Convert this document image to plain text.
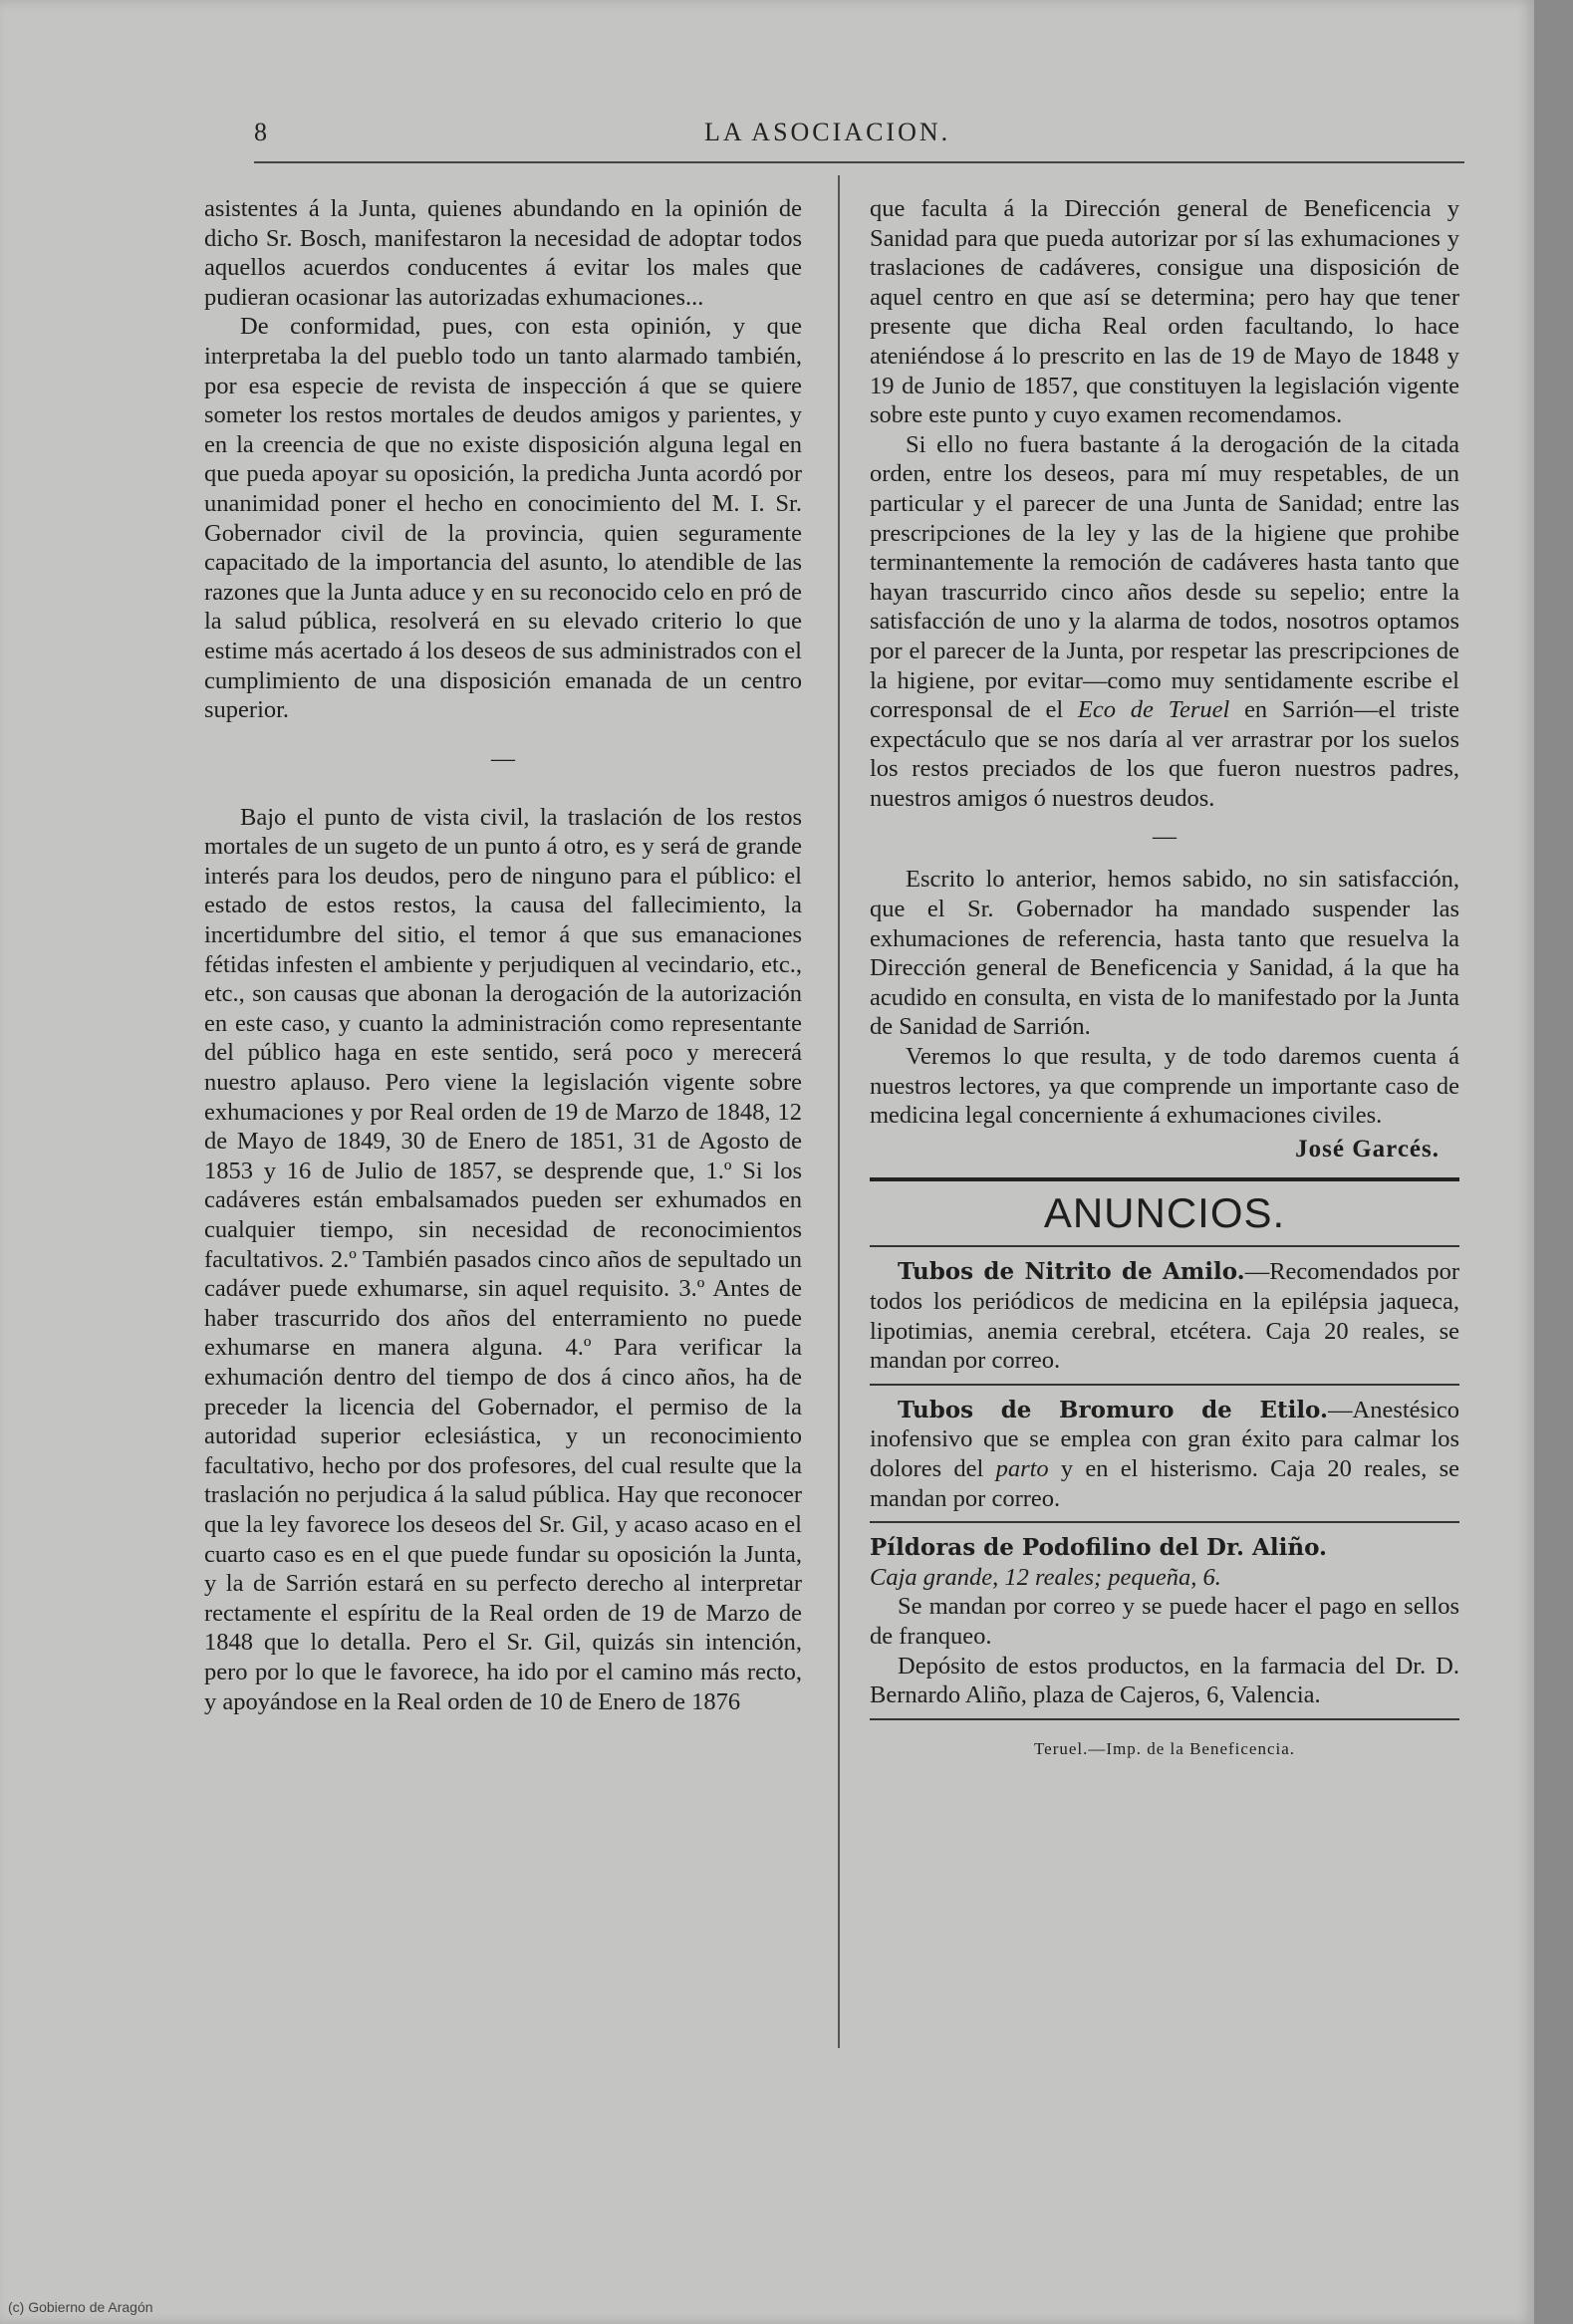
8	LA ASOCIACION.

asistentes á la Junta, quienes abundando en la opinión de dicho Sr. Bosch, manifestaron la necesidad de adoptar todos aquellos acuerdos conducentes á evitar los males que pudieran ocasionar las autorizadas exhumaciones...

De conformidad, pues, con esta opinión, y que interpretaba la del pueblo todo un tanto alarmado también, por esa especie de revista de inspección á que se quiere someter los restos mortales de deudos amigos y parientes, y en la creencia de que no existe disposición alguna legal en que pueda apoyar su oposición, la predicha Junta acordó por unanimidad poner el hecho en conocimiento del M. I. Sr. Gobernador civil de la provincia, quien seguramente capacitado de la importancia del asunto, lo atendible de las razones que la Junta aduce y en su reconocido celo en pró de la salud pública, resolverá en su elevado criterio lo que estime más acertado á los deseos de sus administrados con el cumplimiento de una disposición emanada de un centro superior.

—

Bajo el punto de vista civil, la traslación de los restos mortales de un sugeto de un punto á otro, es y será de grande interés para los deudos, pero de ninguno para el público: el estado de estos restos, la causa del fallecimiento, la incertidumbre del sitio, el temor á que sus emanaciones fétidas infesten el ambiente y perjudiquen al vecindario, etc., etc., son causas que abonan la derogación de la autorización en este caso, y cuanto la administración como representante del público haga en este sentido, será poco y merecerá nuestro aplauso. Pero viene la legislación vigente sobre exhumaciones y por Real orden de 19 de Marzo de 1848, 12 de Mayo de 1849, 30 de Enero de 1851, 31 de Agosto de 1853 y 16 de Julio de 1857, se desprende que, 1.º Si los cadáveres están embalsamados pueden ser exhumados en cualquier tiempo, sin necesidad de reconocimientos facultativos. 2.º También pasados cinco años de sepultado un cadáver puede exhumarse, sin aquel requisito. 3.º Antes de haber trascurrido dos años del enterramiento no puede exhumarse en manera alguna. 4.º Para verificar la exhumación dentro del tiempo de dos á cinco años, ha de preceder la licencia del Gobernador, el permiso de la autoridad superior eclesiástica, y un reconocimiento facultativo, hecho por dos profesores, del cual resulte que la traslación no perjudica á la salud pública. Hay que reconocer que la ley favorece los deseos del Sr. Gil, y acaso acaso en el cuarto caso es en el que puede fundar su oposición la Junta, y la de Sarrión estará en su perfecto derecho al interpretar rectamente el espíritu de la Real orden de 19 de Marzo de 1848 que lo detalla. Pero el Sr. Gil, quizás sin intención, pero por lo que le favorece, ha ido por el camino más recto, y apoyándose en la Real orden de 10 de Enero de 1876

que faculta á la Dirección general de Beneficencia y Sanidad para que pueda autorizar por sí las exhumaciones y traslaciones de cadáveres, consigue una disposición de aquel centro en que así se determina; pero hay que tener presente que dicha Real orden facultando, lo hace ateniéndose á lo prescrito en las de 19 de Mayo de 1848 y 19 de Junio de 1857, que constituyen la legislación vigente sobre este punto y cuyo examen recomendamos.

Si ello no fuera bastante á la derogación de la citada orden, entre los deseos, para mí muy respetables, de un particular y el parecer de una Junta de Sanidad; entre las prescripciones de la ley y las de la higiene que prohibe terminantemente la remoción de cadáveres hasta tanto que hayan trascurrido cinco años desde su sepelio; entre la satisfacción de uno y la alarma de todos, nosotros optamos por el parecer de la Junta, por respetar las prescripciones de la higiene, por evitar—como muy sentidamente escribe el corresponsal de el Eco de Teruel en Sarrión—el triste expectáculo que se nos daría al ver arrastrar por los suelos los restos preciados de los que fueron nuestros padres, nuestros amigos ó nuestros deudos.

—

Escrito lo anterior, hemos sabido, no sin satisfacción, que el Sr. Gobernador ha mandado suspender las exhumaciones de referencia, hasta tanto que resuelva la Dirección general de Beneficencia y Sanidad, á la que ha acudido en consulta, en vista de lo manifestado por la Junta de Sanidad de Sarrión.

Veremos lo que resulta, y de todo daremos cuenta á nuestros lectores, ya que comprende un importante caso de medicina legal concerniente á exhumaciones civiles.

José Garcés.
ANUNCIOS.

Tubos de Nitrito de Amilo.—Recomendados por todos los periódicos de medicina en la epilépsia jaqueca, lipotimias, anemia cerebral, etcétera. Caja 20 reales, se mandan por correo.

Tubos de Bromuro de Etilo.—Anestésico inofensivo que se emplea con gran éxito para calmar los dolores del parto y en el histerismo. Caja 20 reales, se mandan por correo.

Píldoras de Podofilino del Dr. Aliño.

Caja grande, 12 reales; pequeña, 6.

Se mandan por correo y se puede hacer el pago en sellos de franqueo.

Depósito de estos productos, en la farmacia del Dr. D. Bernardo Aliño, plaza de Cajeros, 6, Valencia.

Teruel.—Imp. de la Beneficencia.
(c) Gobierno de Aragón
